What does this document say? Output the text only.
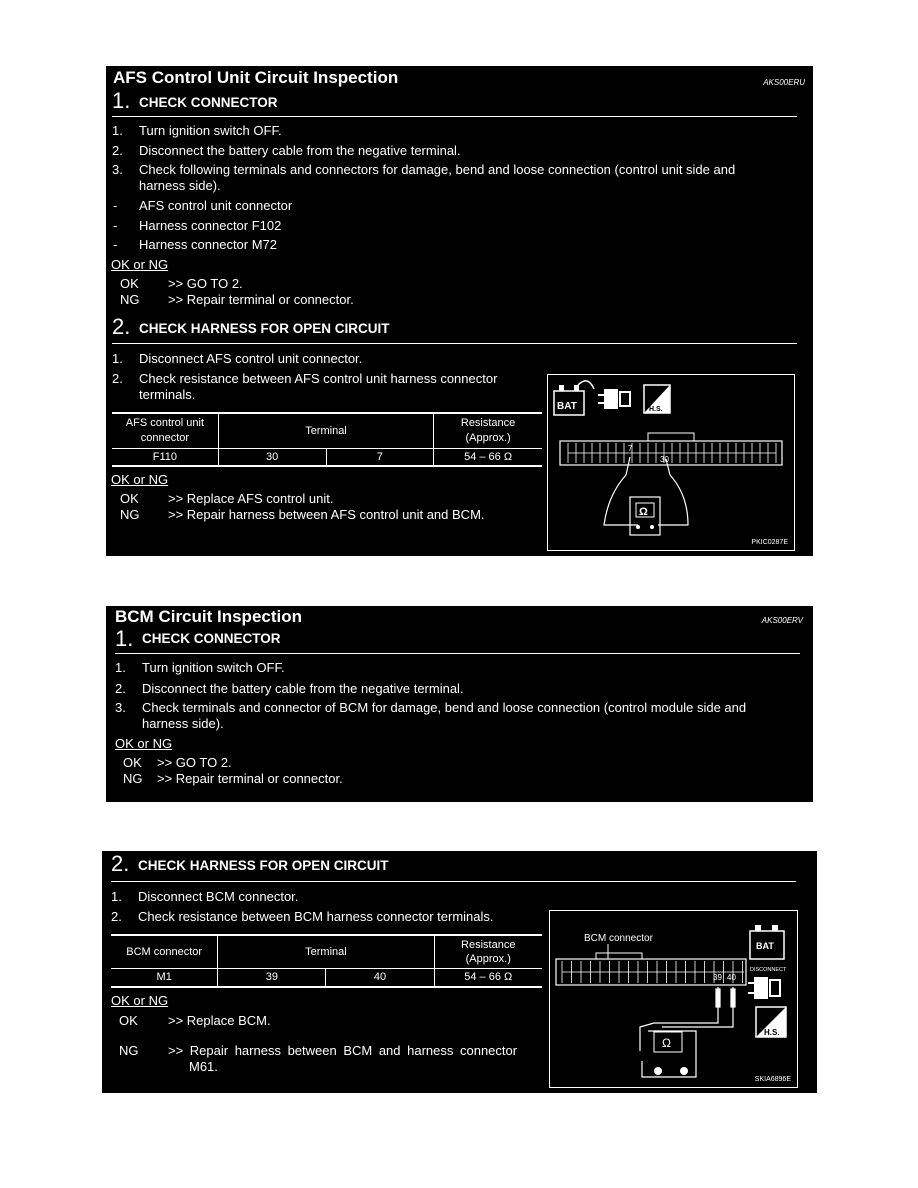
AFS Control Unit Circuit Inspection	AKS00ERU
1. CHECK CONNECTOR
1. Turn ignition switch OFF.
2. Disconnect the battery cable from the negative terminal.
3. Check following terminals and connectors for damage, bend and loose connection (control unit side and
harness side).
- AFS control unit connector
- Harness connector F102
- Harness connector M72
OK or NG
OK >> GO TO 2.
NG >> Repair terminal or connector.
2. CHECK HARNESS FOR OPEN CIRCUIT
1. Disconnect AFS control unit connector.
2. Check resistance between AFS control unit harness connector
terminals.
AFS control unit
connector	Terminal		Resistance
(Approx.)
F110	30	7	54 – 66 Ω
OK or NG
OK >> Replace AFS control unit.
NG >> Repair harness between AFS control unit and BCM.
BAT	H.S.
7
30
Ω
PKIC0287E
BCM Circuit Inspection	AKS00ERV
1. CHECK CONNECTOR
1. Turn ignition switch OFF.
2. Disconnect the battery cable from the negative terminal.
3. Check terminals and connector of BCM for damage, bend and loose connection (control module side and
harness side).
OK or NG
OK >> GO TO 2.
NG >> Repair terminal or connector.
2. CHECK HARNESS FOR OPEN CIRCUIT
1. Disconnect BCM connector.
2. Check resistance between BCM harness connector terminals.
BCM connector	Terminal		Resistance
(Approx.)
M1	39	40	54 – 66 Ω
OK or NG
OK >> Replace BCM.
NG >> Repair harness between BCM and harness connector
M61.
BCM connector
39 40
Ω
BAT
DISCONNECT
H.S.
SKIA6896E
